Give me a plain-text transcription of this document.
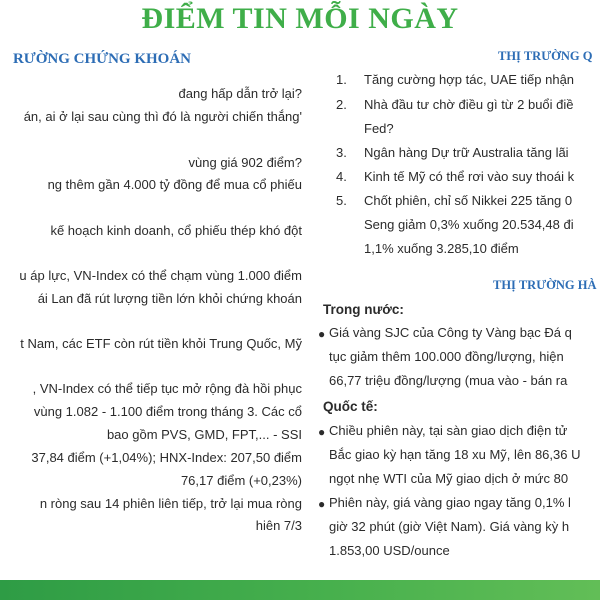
ĐIỂM TIN MỖI NGÀY
RƯỜNG CHỨNG KHOÁN
đang hấp dẫn trở lại?
án, ai ở lại sau cùng thì đó là người chiến thắng'
vùng giá 902 điểm?
ng thêm gần 4.000 tỷ đồng để mua cổ phiếu
kế hoạch kinh doanh, cổ phiếu thép khó đột
u áp lực, VN-Index có thể chạm vùng 1.000 điểm
ái Lan đã rút lượng tiền lớn khỏi chứng khoán
t Nam, các ETF còn rút tiền khỏi Trung Quốc, Mỹ
, VN-Index có thể tiếp tục mở rộng đà hồi phục
vùng 1.082 - 1.100 điểm trong tháng 3. Các cổ
bao gồm PVS, GMD, FPT,... - SSI
37,84 điểm (+1,04%); HNX-Index: 207,50 điểm
76,17 điểm (+0,23%)
n ròng sau 14 phiên liên tiếp, trở lại mua ròng
hiên 7/3
THỊ TRƯỜNG Q
1. Tăng cường hợp tác, UAE tiếp nhận
2. Nhà đầu tư chờ điều gì từ 2 buổi điề
Fed?
3. Ngân hàng Dự trữ Australia tăng lãi
4. Kinh tế Mỹ có thể rơi vào suy thoái k
5. Chốt phiên, chỉ số Nikkei 225 tăng 0
Seng giảm 0,3% xuống 20.534,48 đi
1,1% xuống 3.285,10 điểm
THỊ TRƯỜNG HÀ
Trong nước:
● Giá vàng SJC của Công ty Vàng bạc Đá q
tục giảm thêm 100.000 đồng/lượng, hiện
66,77 triệu đồng/lượng (mua vào - bán ra
Quốc tế:
● Chiều phiên này, tại sàn giao dịch điện tử
Bắc giao kỳ hạn tăng 18 xu Mỹ, lên 86,36 U
ngọt nhẹ WTI của Mỹ giao dịch ở mức 80
● Phiên này, giá vàng giao ngay tăng 0,1% l
giờ 32 phút (giờ Việt Nam). Giá vàng kỳ h
1.853,00 USD/ounce
